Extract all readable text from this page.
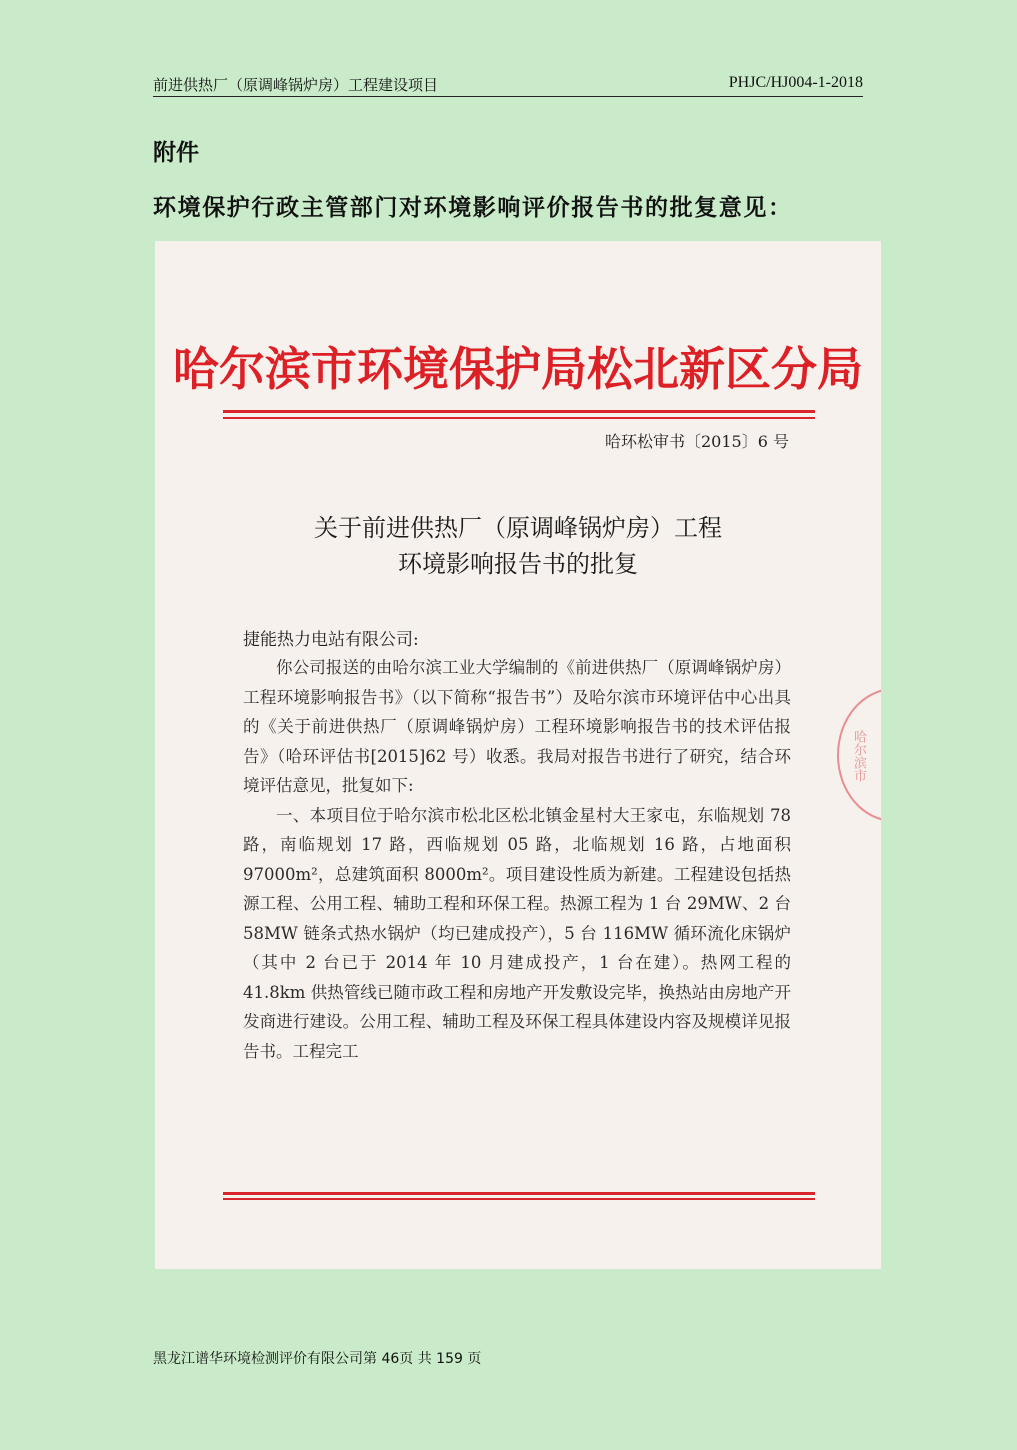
前进供热厂（原调峰锅炉房）工程建设项目	PHJC/HJ004-1-2018
附件
环境保护行政主管部门对环境影响评价报告书的批复意见：
哈尔滨市环境保护局松北新区分局
哈环松审书〔2015〕6 号
关于前进供热厂（原调峰锅炉房）工程
环境影响报告书的批复
捷能热力电站有限公司:

你公司报送的由哈尔滨工业大学编制的《前进供热厂（原调峰锅炉房）工程环境影响报告书》（以下简称“报告书”）及哈尔滨市环境评估中心出具的《关于前进供热厂（原调峰锅炉房）工程环境影响报告书的技术评估报告》（哈环评估书[2015]62 号）收悉。我局对报告书进行了研究，结合环境评估意见，批复如下:

一、本项目位于哈尔滨市松北区松北镇金星村大王家屯，东临规划 78 路，南临规划 17 路，西临规划 05 路，北临规划 16 路，占地面积 97000m²，总建筑面积 8000m²。项目建设性质为新建。工程建设包括热源工程、公用工程、辅助工程和环保工程。热源工程为 1 台 29MW、2 台 58MW 链条式热水锅炉（均已建成投产），5 台 116MW 循环流化床锅炉（其中 2 台已于 2014 年 10 月建成投产，1 台在建）。热网工程的 41.8km 供热管线已随市政工程和房地产开发敷设完毕，换热站由房地产开发商进行建设。公用工程、辅助工程及环保工程具体建设内容及规模详见报告书。工程完工

哈尔滨市
黑龙江谱华环境检测评价有限公司第 46页 共 159 页
